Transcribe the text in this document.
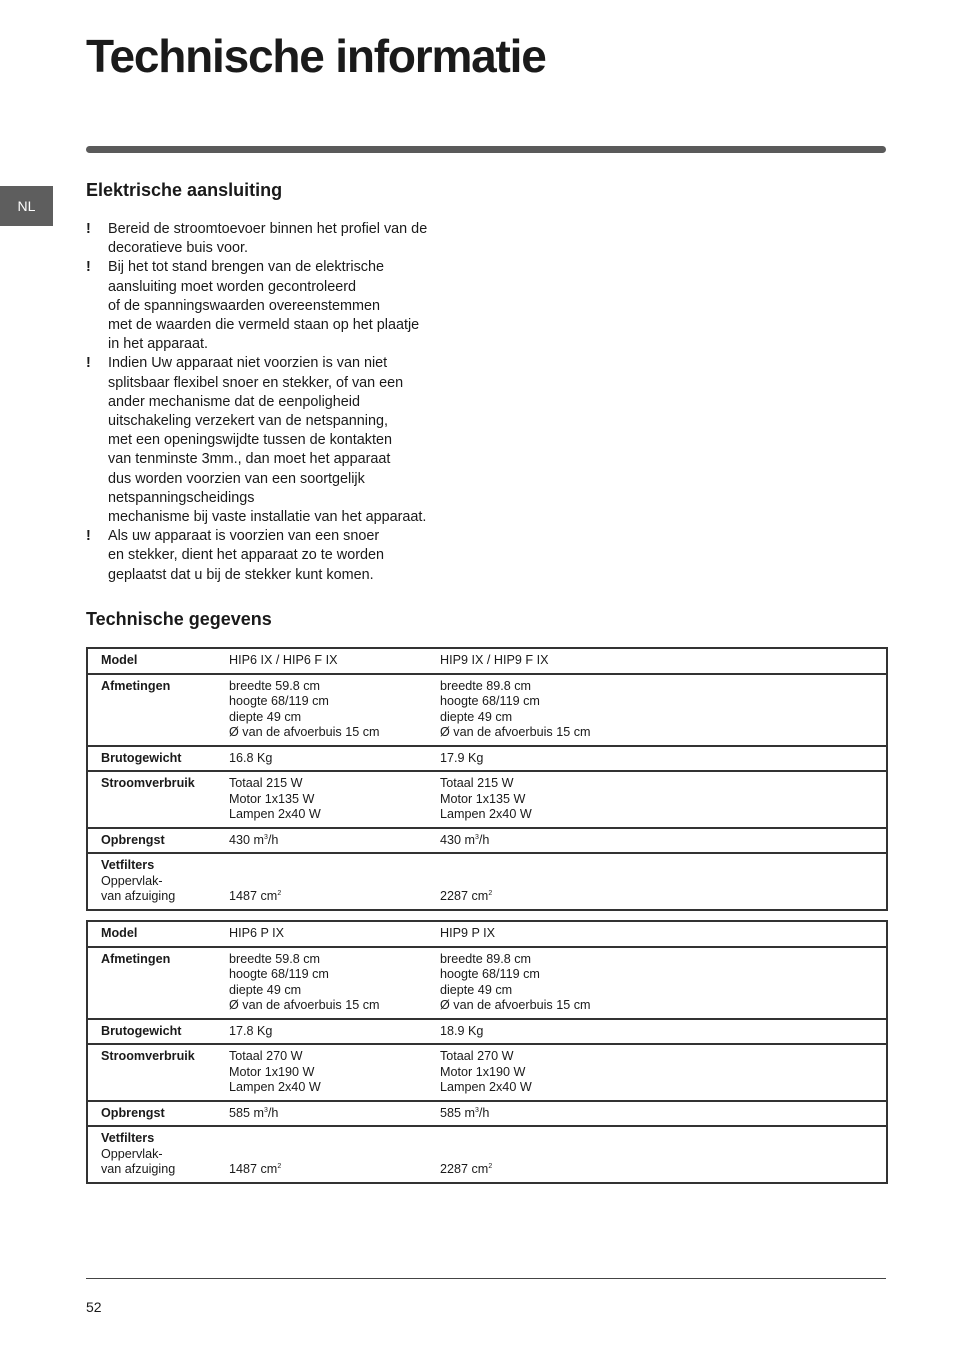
Technische informatie
NL
Elektrische aansluiting
!	Bereid de stroomtoevoer binnen het profiel van de
decoratieve buis voor.
!	Bij het tot stand brengen van de elektrische
aansluiting moet worden gecontroleerd
of de spanningswaarden overeenstemmen
met de waarden die vermeld staan op het plaatje
in het apparaat.
!	Indien Uw apparaat niet voorzien is van niet
splitsbaar flexibel snoer en stekker, of van een
ander mechanisme dat de eenpoligheid
uitschakeling verzekert van de netspanning,
met een openingswijdte tussen de kontakten
van tenminste 3mm., dan moet het apparaat
dus worden voorzien van een soortgelijk
netspanningscheidings
mechanisme bij vaste installatie van het apparaat.
!	Als uw apparaat is voorzien van een snoer
en stekker, dient het apparaat zo te worden
geplaatst dat u bij de stekker kunt komen.
Technische gegevens
Model	HIP6 IX / HIP6 F IX	HIP9 IX / HIP9 F IX
Afmetingen	breedte 59.8 cm
hoogte 68/119 cm
diepte 49 cm
Ø van de afvoerbuis 15 cm	breedte 89.8 cm
hoogte 68/119 cm
diepte 49 cm
Ø van de afvoerbuis 15 cm

Brutogewicht	16.8 Kg	17.9 Kg
Stroomverbruik	Totaal 215 W
Motor 1x135 W
Lampen 2x40 W	Totaal 215 W
Motor 1x135 W
Lampen 2x40 W

Opbrengst	430 $m^3/h$	430 $m^3/h$

Vetfilters
Oppervlak-
van afzuiging	1487 $cm^2$	2287 $cm^2$
Model	HIP6 P IX	HIP9 P IX
Afmetingen	breedte 59.8 cm
hoogte 68/119 cm
diepte 49 cm
Ø van de afvoerbuis 15 cm	breedte 89.8 cm
hoogte 68/119 cm
diepte 49 cm
Ø van de afvoerbuis 15 cm

Brutogewicht	17.8 Kg	18.9 Kg
Stroomverbruik	Totaal 270 W
Motor 1x190 W
Lampen 2x40 W	Totaal 270 W
Motor 1x190 W
Lampen 2x40 W

Opbrengst	585 $m^3/h$	585 $m^3/h$

Vetfilters
Oppervlak-
van afzuiging	1487 $cm^2$	2287 $cm^2$
52
